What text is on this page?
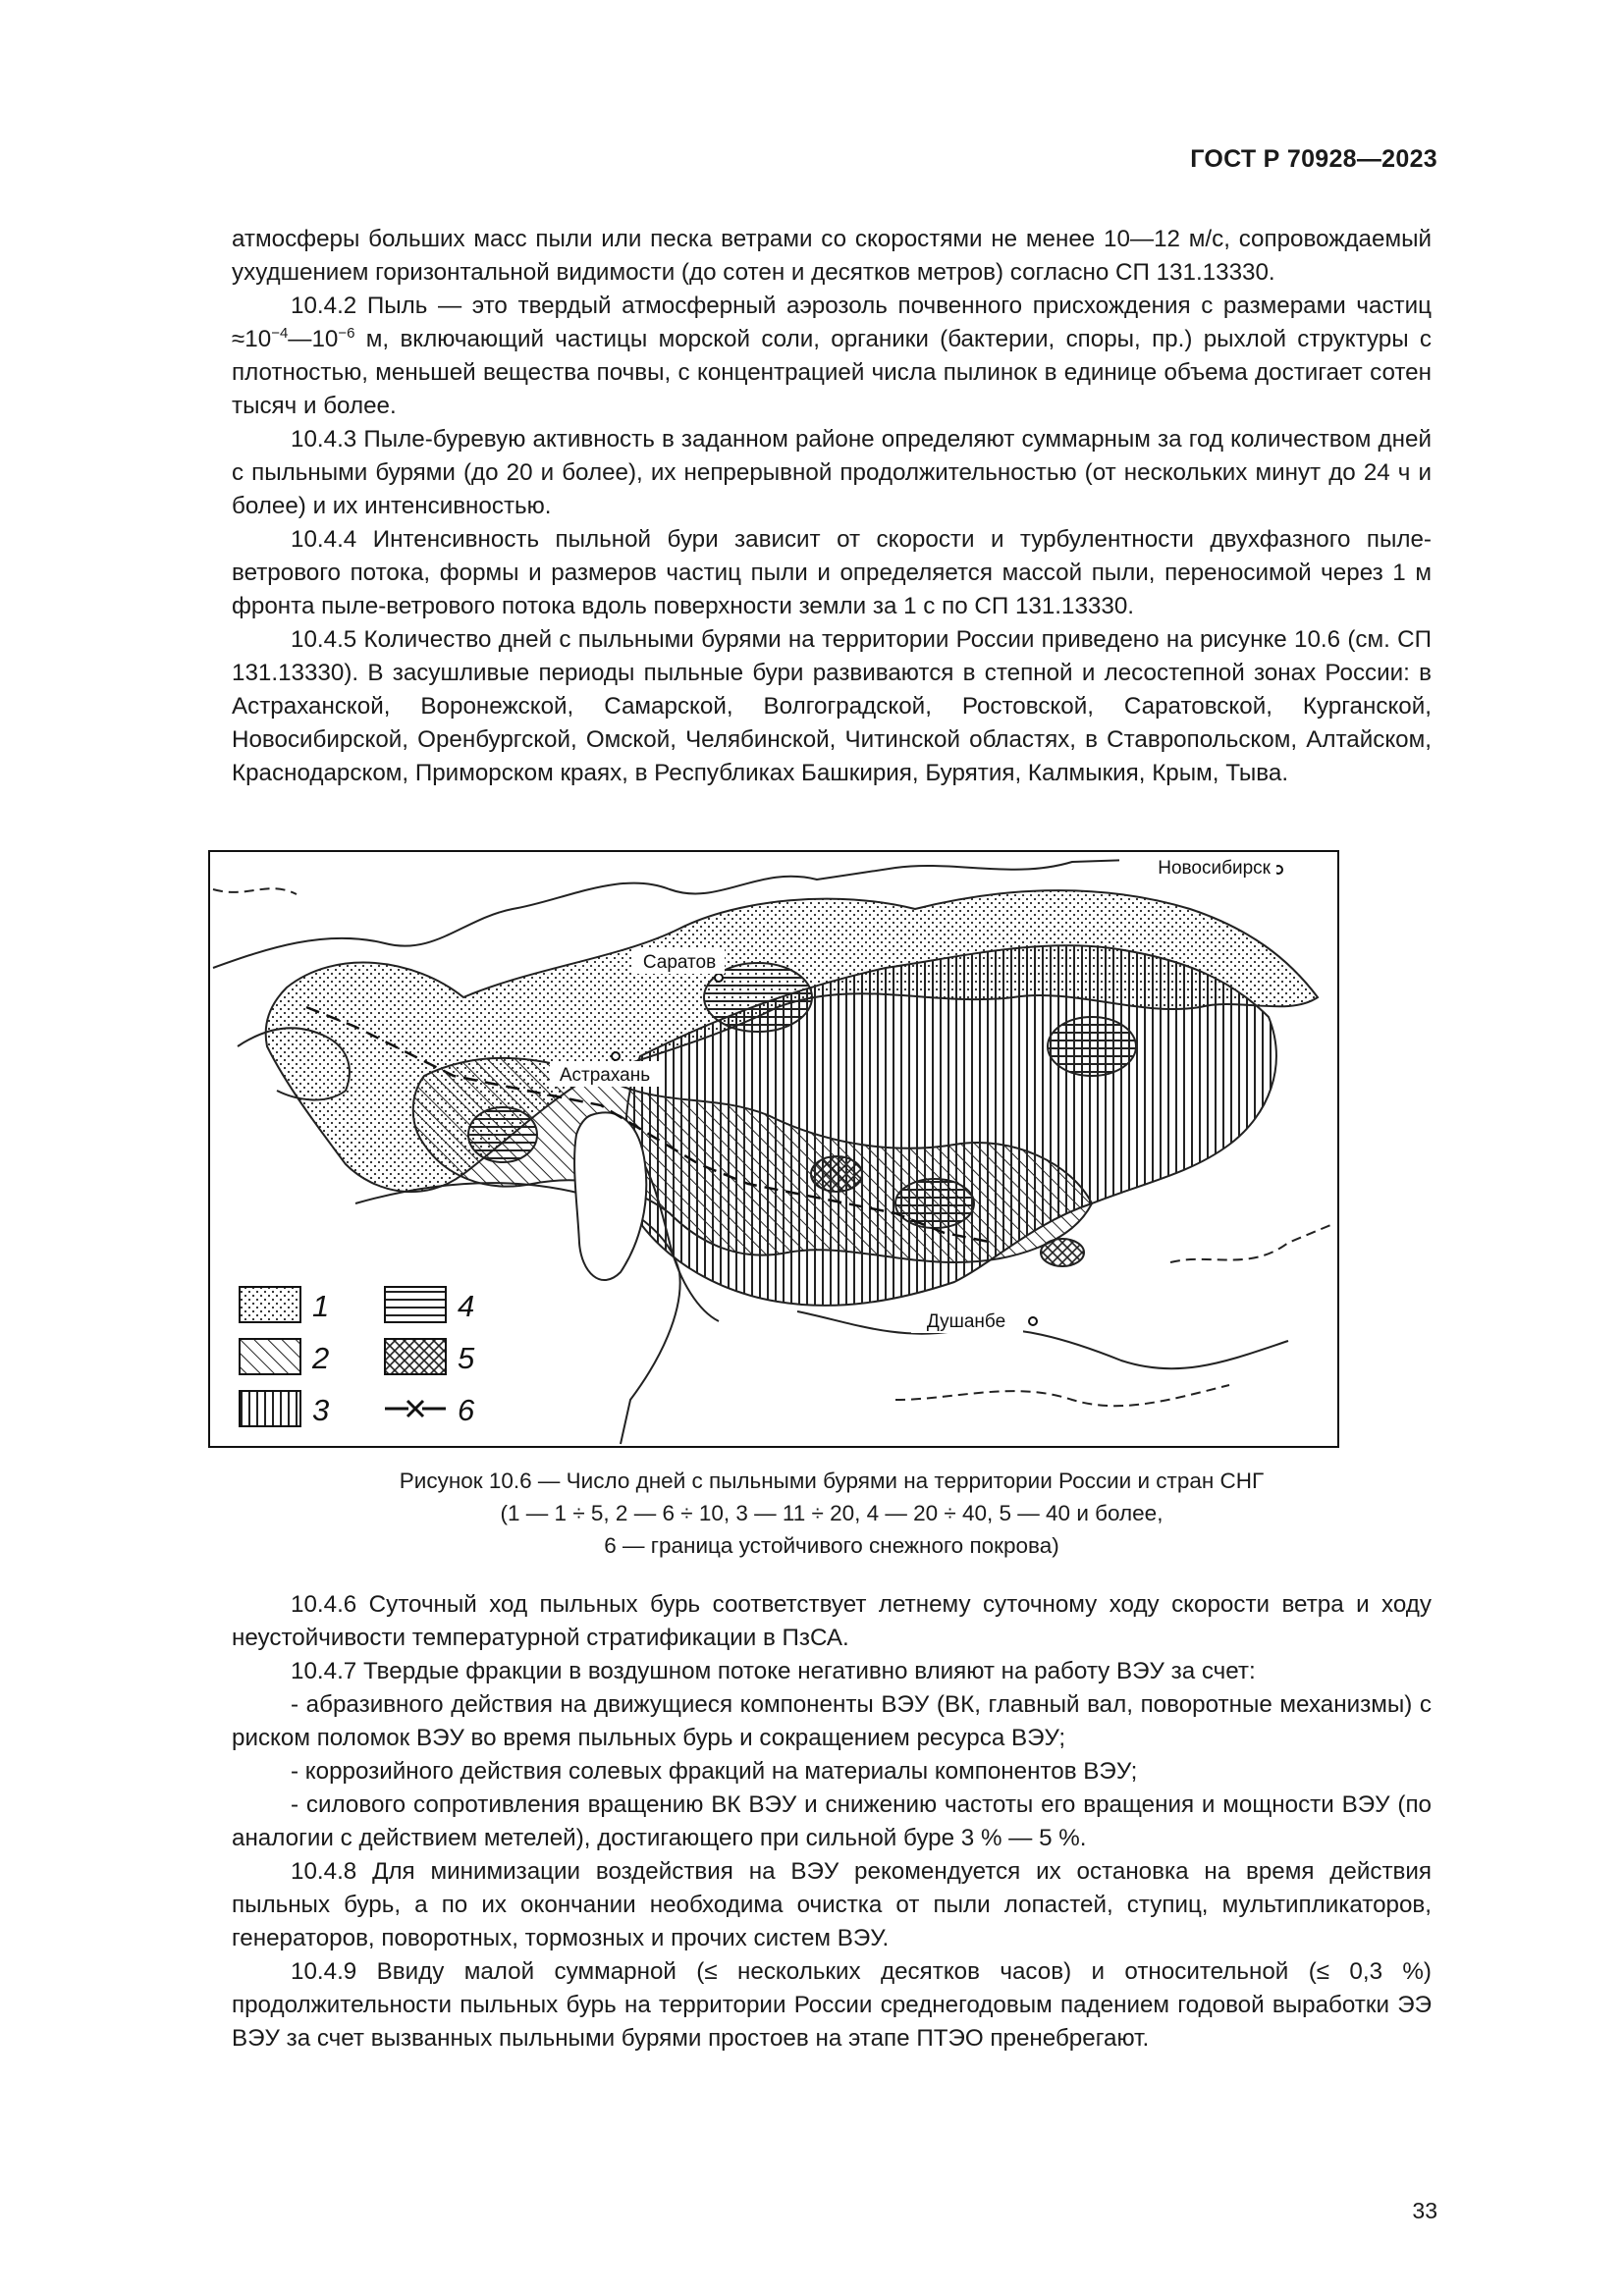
ГОСТ Р 70928—2023

атмосферы больших масс пыли или песка ветрами со скоростями не менее 10—12 м/с, сопровождаемый ухудшением горизонтальной видимости (до сотен и десятков метров) согласно СП 131.13330.

10.4.2 Пыль — это твердый атмосферный аэрозоль почвенного присхождения с размерами частиц $\approx 10^{-4}—10^{-6}$ м, включающий частицы морской соли, органики (бактерии, споры, пр.) рыхлой структуры с плотностью, меньшей вещества почвы, с концентрацией числа пылинок в единице объема достигает сотен тысяч и более.

10.4.3 Пыле-буревую активность в заданном районе определяют суммарным за год количеством дней с пыльными бурями (до 20 и более), их непрерывной продолжительностью (от нескольких минут до 24 ч и более) и их интенсивностью.

10.4.4 Интенсивность пыльной бури зависит от скорости и турбулентности двухфазного пыле-ветрового потока, формы и размеров частиц пыли и определяется массой пыли, переносимой через 1 м фронта пыле-ветрового потока вдоль поверхности земли за 1 с по СП 131.13330.

10.4.5 Количество дней с пыльными бурями на территории России приведено на рисунке 10.6 (см. СП 131.13330). В засушливые периоды пыльные бури развиваются в степной и лесостепной зонах России: в Астраханской, Воронежской, Самарской, Волгоградской, Ростовской, Саратовской, Курганской, Новосибирской, Оренбургской, Омской, Челябинской, Читинской областях, в Ставропольском, Алтайском, Краснодарском, Приморском краях, в Республиках Башкирия, Бурятия, Калмыкия, Крым, Тыва.

Новосибирск
Саратов
Астрахань
Душанбе
1
2
3
4
5
6

Рисунок 10.6 — Число дней с пыльными бурями на территории России и стран СНГ

(1 — 1 ÷ 5, 2 — 6 ÷ 10, 3 — 11 ÷ 20, 4 — 20 ÷ 40, 5 — 40 и более,

6 — граница устойчивого снежного покрова)

10.4.6 Суточный ход пыльных бурь соответствует летнему суточному ходу скорости ветра и ходу неустойчивости температурной стратификации в ПзСА.

10.4.7 Твердые фракции в воздушном потоке негативно влияют на работу ВЭУ за счет:

- абразивного действия на движущиеся компоненты ВЭУ (ВК, главный вал, поворотные механизмы) с риском поломок ВЭУ во время пыльных бурь и сокращением ресурса ВЭУ;

- коррозийного действия солевых фракций на материалы компонентов ВЭУ;

- силового сопротивления вращению ВК ВЭУ и снижению частоты его вращения и мощности ВЭУ (по аналогии с действием метелей), достигающего при сильной буре 3 % — 5 %.

10.4.8 Для минимизации воздействия на ВЭУ рекомендуется их остановка на время действия пыльных бурь, а по их окончании необходима очистка от пыли лопастей, ступиц, мультипликаторов, генераторов, поворотных, тормозных и прочих систем ВЭУ.

10.4.9 Ввиду малой суммарной (≤ нескольких десятков часов) и относительной (≤ 0,3 %) продолжительности пыльных бурь на территории России среднегодовым падением годовой выработки ЭЭ ВЭУ за счет вызванных пыльными бурями простоев на этапе ПТЭО пренебрегают.

33
